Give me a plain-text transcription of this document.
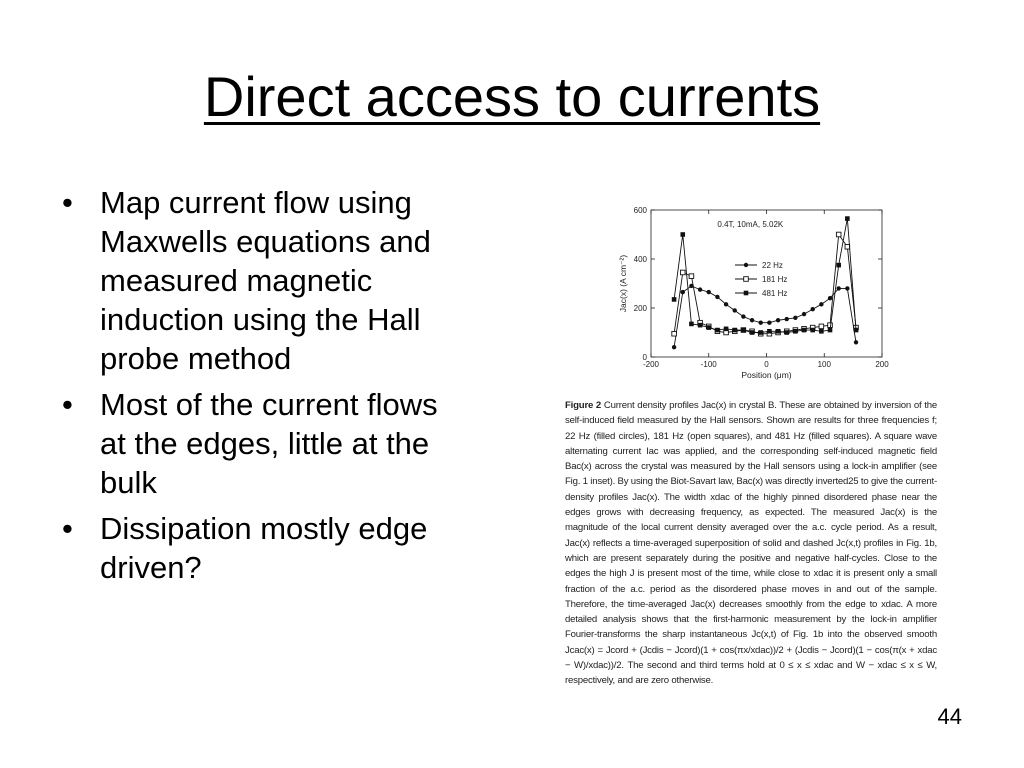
Direct access to currents
• Map current flow using Maxwells equations and measured magnetic induction using the Hall probe method
• Most of the current flows at the edges, little at the bulk
• Dissipation mostly edge driven?
-200	-100	0	100	200
0
200
400
600
Position (μm)
Jac(x) (A cm⁻²)
0.4T, 10mA, 5.02K
22 Hz
181 Hz
481 Hz
Figure 2 Current density profiles Jac(x) in crystal B. These are obtained by inversion of the self-induced field measured by the Hall sensors. Shown are results for three frequencies f; 22 Hz (filled circles), 181 Hz (open squares), and 481 Hz (filled squares). A square wave alternating current Iac was applied, and the corresponding self-induced magnetic field Bac(x) across the crystal was measured by the Hall sensors using a lock-in amplifier (see Fig. 1 inset). By using the Biot-Savart law, Bac(x) was directly inverted25 to give the current-density profiles Jac(x). The width xdac of the highly pinned disordered phase near the edges grows with decreasing frequency, as expected. The measured Jac(x) is the magnitude of the local current density averaged over the a.c. cycle period. As a result, Jac(x) reflects a time-averaged superposition of solid and dashed Jc(x,t) profiles in Fig. 1b, which are present separately during the positive and negative half-cycles. Close to the edges the high J is present most of the time, while close to xdac it is present only a small fraction of the a.c. period as the disordered phase moves in and out of the sample. Therefore, the time-averaged Jac(x) decreases smoothly from the edge to xdac. A more detailed analysis shows that the first-harmonic measurement by the lock-in amplifier Fourier-transforms the sharp instantaneous Jc(x,t) of Fig. 1b into the observed smooth Jcac(x) = Jcord + (Jcdis − Jcord)(1 + cos(πx/xdac))/2 + (Jcdis − Jcord)(1 − cos(π(x + xdac − W)/xdac))/2. The second and third terms hold at 0 ≤ x ≤ xdac and W − xdac ≤ x ≤ W, respectively, and are zero otherwise.
44
